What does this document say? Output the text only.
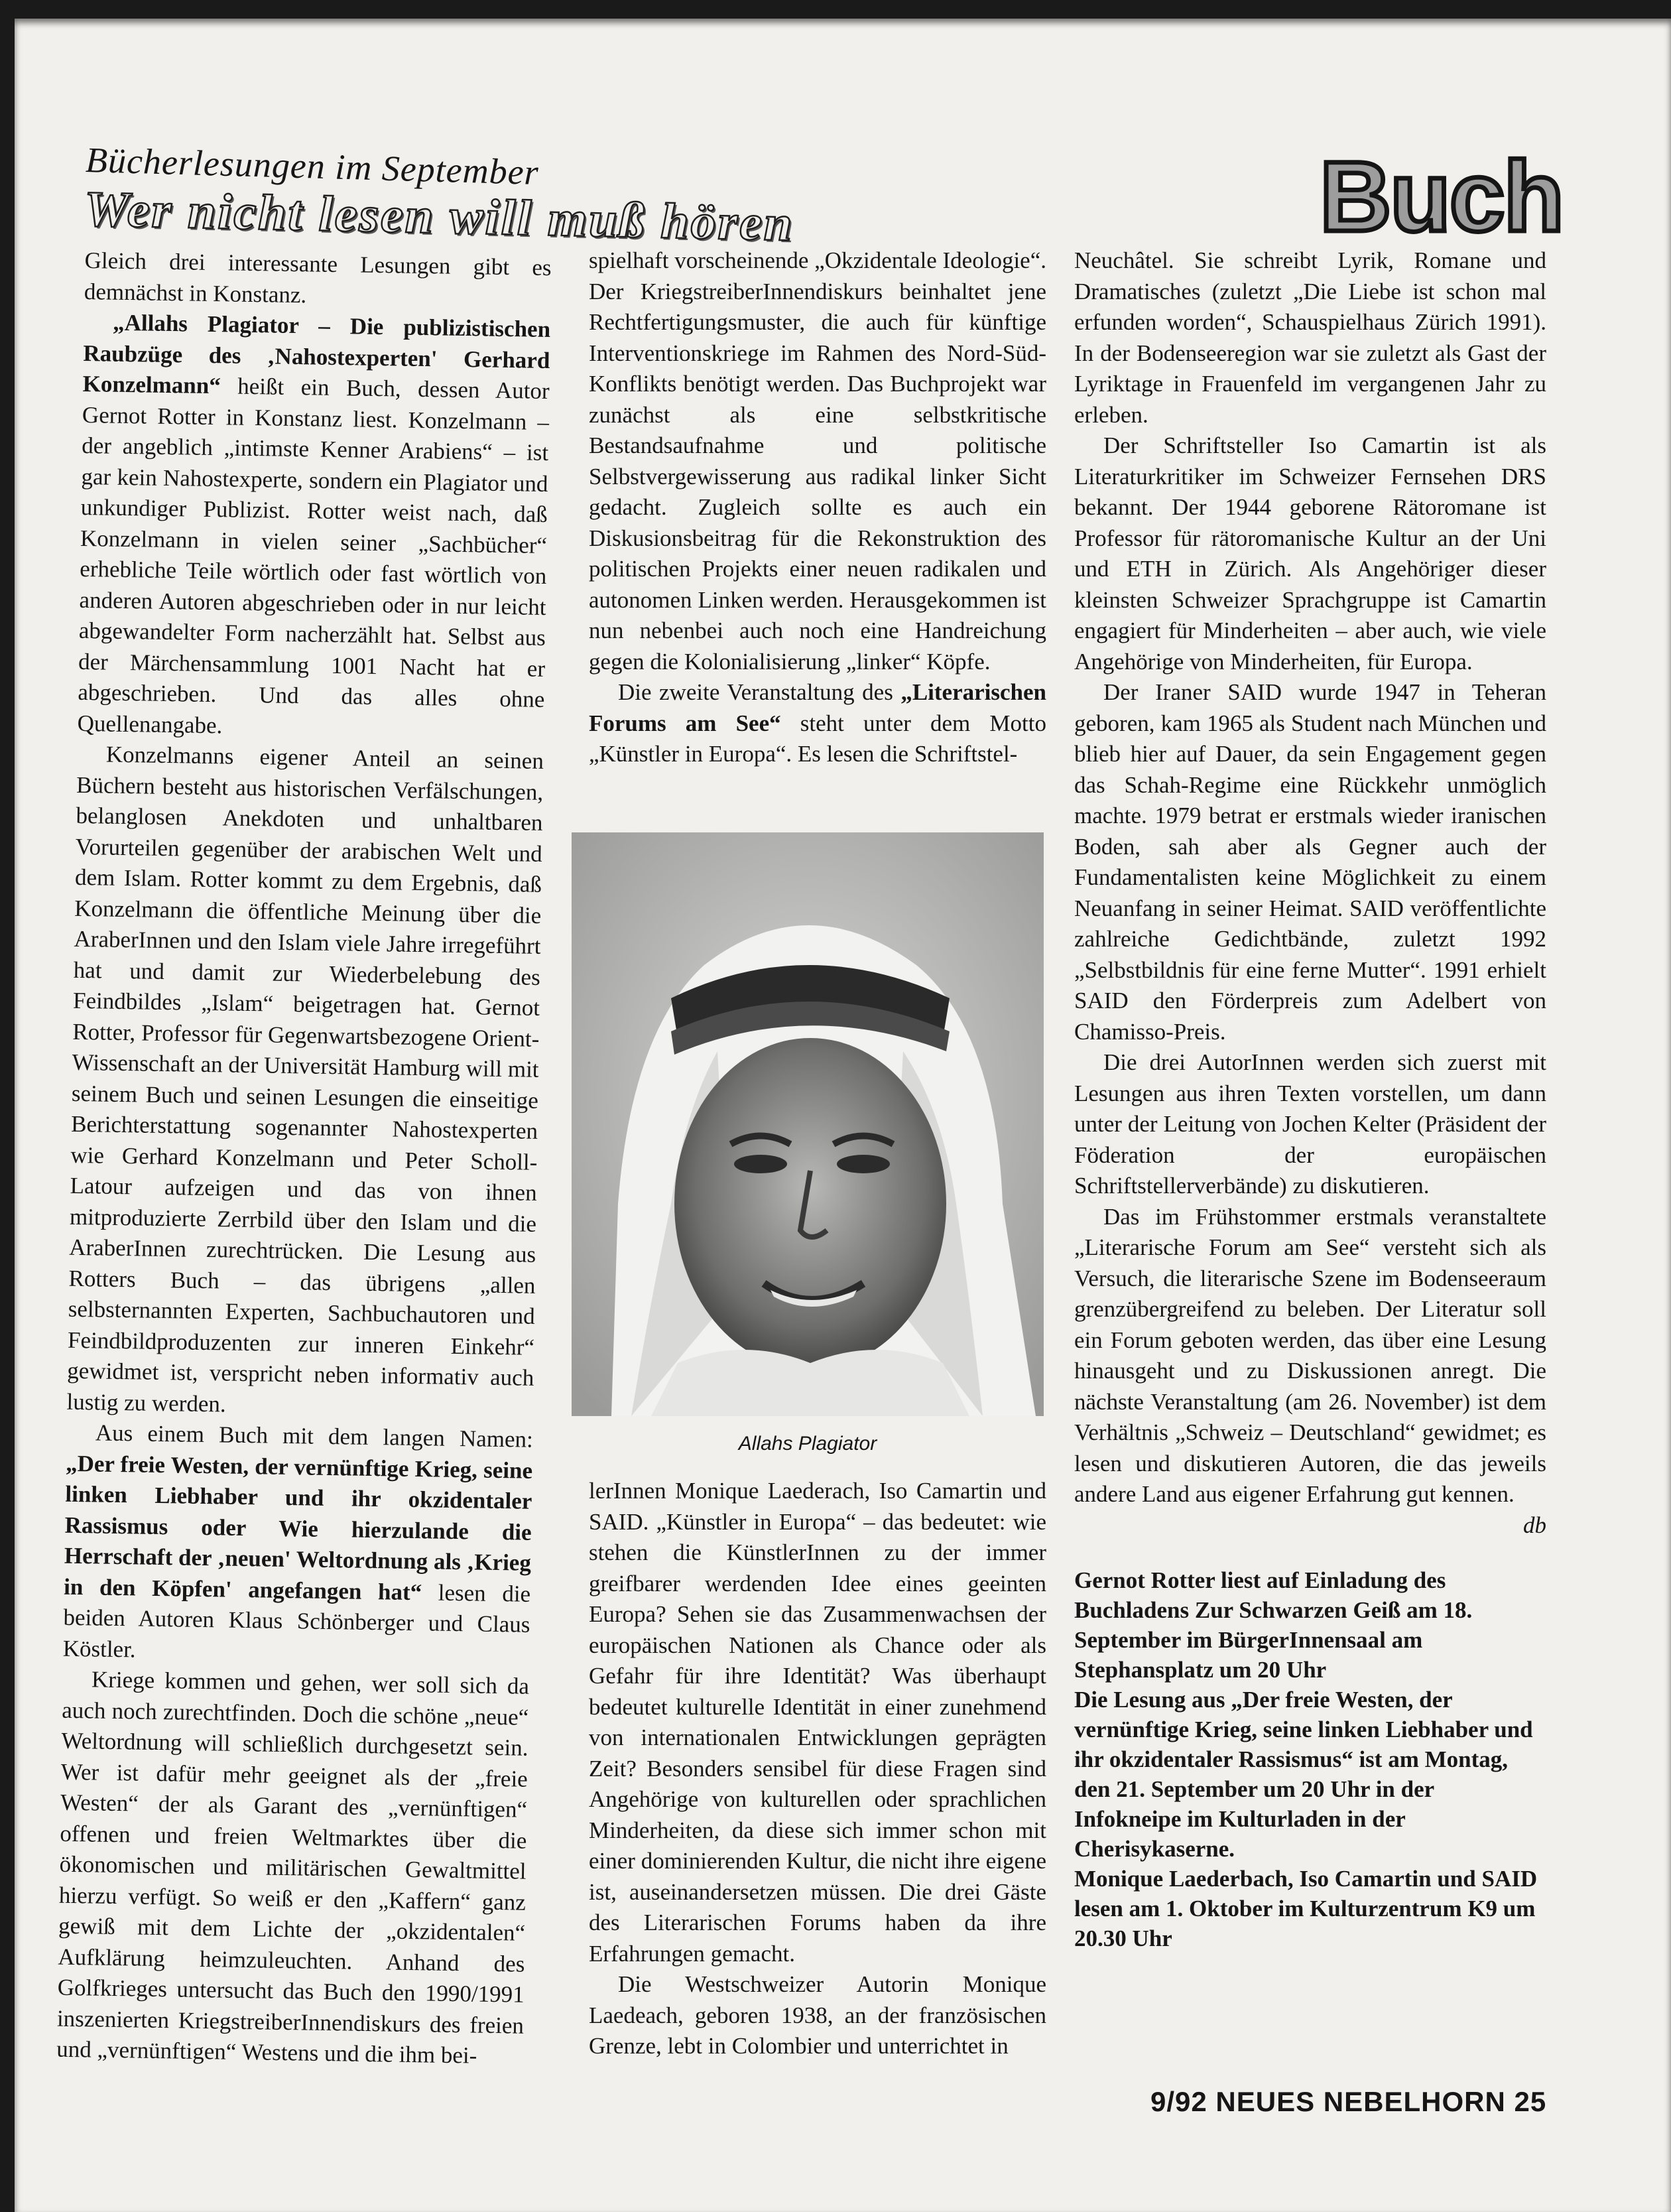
Bücherlesungen im September
Wer nicht lesen will muß hören	Buch

Gleich drei interessante Lesungen gibt es demnächst in Konstanz.

„Allahs Plagiator – Die publizistischen Raubzüge des ‚Nahostexperten' Gerhard Konzelmann“ heißt ein Buch, dessen Autor Gernot Rotter in Konstanz liest. Konzelmann – der angeblich „intimste Kenner Arabiens“ – ist gar kein Nahostexperte, sondern ein Plagiator und unkundiger Publizist. Rotter weist nach, daß Konzelmann in vielen seiner „Sachbücher“ erhebliche Teile wörtlich oder fast wörtlich von anderen Autoren abgeschrieben oder in nur leicht abgewandelter Form nacherzählt hat. Selbst aus der Märchensammlung 1001 Nacht hat er abgeschrieben. Und das alles ohne Quellenangabe.

Konzelmanns eigener Anteil an seinen Büchern besteht aus historischen Verfälschungen, belanglosen Anekdoten und unhaltbaren Vorurteilen gegenüber der arabischen Welt und dem Islam. Rotter kommt zu dem Ergebnis, daß Konzelmann die öffentliche Meinung über die AraberInnen und den Islam viele Jahre irregeführt hat und damit zur Wiederbelebung des Feindbildes „Islam“ beigetragen hat. Gernot Rotter, Professor für Gegenwartsbezogene Orient-Wissenschaft an der Universität Hamburg will mit seinem Buch und seinen Lesungen die einseitige Berichterstattung sogenannter Nahostexperten wie Gerhard Konzelmann und Peter Scholl-Latour aufzeigen und das von ihnen mitproduzierte Zerrbild über den Islam und die AraberInnen zurechtrücken. Die Lesung aus Rotters Buch – das übrigens „allen selbsternannten Experten, Sachbuchautoren und Feindbildproduzenten zur inneren Einkehr“ gewidmet ist, verspricht neben informativ auch lustig zu werden.

Aus einem Buch mit dem langen Namen: „Der freie Westen, der vernünftige Krieg, seine linken Liebhaber und ihr okzidentaler Rassismus oder Wie hierzulande die Herrschaft der ‚neuen' Weltordnung als ‚Krieg in den Köpfen' angefangen hat“ lesen die beiden Autoren Klaus Schönberger und Claus Köstler.

Kriege kommen und gehen, wer soll sich da auch noch zurechtfinden. Doch die schöne „neue“ Weltordnung will schließlich durchgesetzt sein. Wer ist dafür mehr geeignet als der „freie Westen“ der als Garant des „vernünftigen“ offenen und freien Weltmarktes über die ökonomischen und militärischen Gewaltmittel hierzu verfügt. So weiß er den „Kaffern“ ganz gewiß mit dem Lichte der „okzidentalen“ Aufklärung heimzuleuchten. Anhand des Golfkrieges untersucht das Buch den 1990/1991 inszenierten KriegstreiberInnendiskurs des freien und „vernünftigen“ Westens und die ihm bei-

spielhaft vorscheinende „Okzidentale Ideologie“. Der KriegstreiberInnendiskurs beinhaltet jene Rechtfertigungsmuster, die auch für künftige Interventionskriege im Rahmen des Nord-Süd-Konflikts benötigt werden. Das Buchprojekt war zunächst als eine selbstkritische Bestandsaufnahme und politische Selbstvergewisserung aus radikal linker Sicht gedacht. Zugleich sollte es auch ein Diskusionsbeitrag für die Rekonstruktion des politischen Projekts einer neuen radikalen und autonomen Linken werden. Herausgekommen ist nun nebenbei auch noch eine Handreichung gegen die Kolonialisierung „linker“ Köpfe.

Die zweite Veranstaltung des „Literarischen Forums am See“ steht unter dem Motto „Künstler in Europa“. Es lesen die Schriftstel-

Allahs Plagiator

lerInnen Monique Laederach, Iso Camartin und SAID. „Künstler in Europa“ – das bedeutet: wie stehen die KünstlerInnen zu der immer greifbarer werdenden Idee eines geeinten Europa? Sehen sie das Zusammenwachsen der europäischen Nationen als Chance oder als Gefahr für ihre Identität? Was überhaupt bedeutet kulturelle Identität in einer zunehmend von internationalen Entwicklungen geprägten Zeit? Besonders sensibel für diese Fragen sind Angehörige von kulturellen oder sprachlichen Minderheiten, da diese sich immer schon mit einer dominierenden Kultur, die nicht ihre eigene ist, auseinandersetzen müssen. Die drei Gäste des Literarischen Forums haben da ihre Erfahrungen gemacht.

Die Westschweizer Autorin Monique Laedeach, geboren 1938, an der französischen Grenze, lebt in Colombier und unterrichtet in

Neuchâtel. Sie schreibt Lyrik, Romane und Dramatisches (zuletzt „Die Liebe ist schon mal erfunden worden“, Schauspielhaus Zürich 1991). In der Bodenseeregion war sie zuletzt als Gast der Lyriktage in Frauenfeld im vergangenen Jahr zu erleben.

Der Schriftsteller Iso Camartin ist als Literaturkritiker im Schweizer Fernsehen DRS bekannt. Der 1944 geborene Rätoromane ist Professor für rätoromanische Kultur an der Uni und ETH in Zürich. Als Angehöriger dieser kleinsten Schweizer Sprachgruppe ist Camartin engagiert für Minderheiten – aber auch, wie viele Angehörige von Minderheiten, für Europa.

Der Iraner SAID wurde 1947 in Teheran geboren, kam 1965 als Student nach München und blieb hier auf Dauer, da sein Engagement gegen das Schah-Regime eine Rückkehr unmöglich machte. 1979 betrat er erstmals wieder iranischen Boden, sah aber als Gegner auch der Fundamentalisten keine Möglichkeit zu einem Neuanfang in seiner Heimat. SAID veröffentlichte zahlreiche Gedichtbände, zuletzt 1992 „Selbstbildnis für eine ferne Mutter“. 1991 erhielt SAID den Förderpreis zum Adelbert von Chamisso-Preis.

Die drei AutorInnen werden sich zuerst mit Lesungen aus ihren Texten vorstellen, um dann unter der Leitung von Jochen Kelter (Präsident der Föderation der europäischen Schriftstellerverbände) zu diskutieren.

Das im Frühstommer erstmals veranstaltete „Literarische Forum am See“ versteht sich als Versuch, die literarische Szene im Bodenseeraum grenzübergreifend zu beleben. Der Literatur soll ein Forum geboten werden, das über eine Lesung hinausgeht und zu Diskussionen anregt. Die nächste Veranstaltung (am 26. November) ist dem Verhältnis „Schweiz – Deutschland“ gewidmet; es lesen und diskutieren Autoren, die das jeweils andere Land aus eigener Erfahrung gut kennen.
db

Gernot Rotter liest auf Einladung des Buchladens Zur Schwarzen Geiß am 18. September im BürgerInnensaal am Stephansplatz um 20 Uhr

Die Lesung aus „Der freie Westen, der vernünftige Krieg, seine linken Liebhaber und ihr okzidentaler Rassismus“ ist am Montag, den 21. September um 20 Uhr in der Infokneipe im Kulturladen in der Cherisykaserne.

Monique Laederbach, Iso Camartin und SAID lesen am 1. Oktober im Kulturzentrum K9 um 20.30 Uhr

9/92 NEUES NEBELHORN 25
